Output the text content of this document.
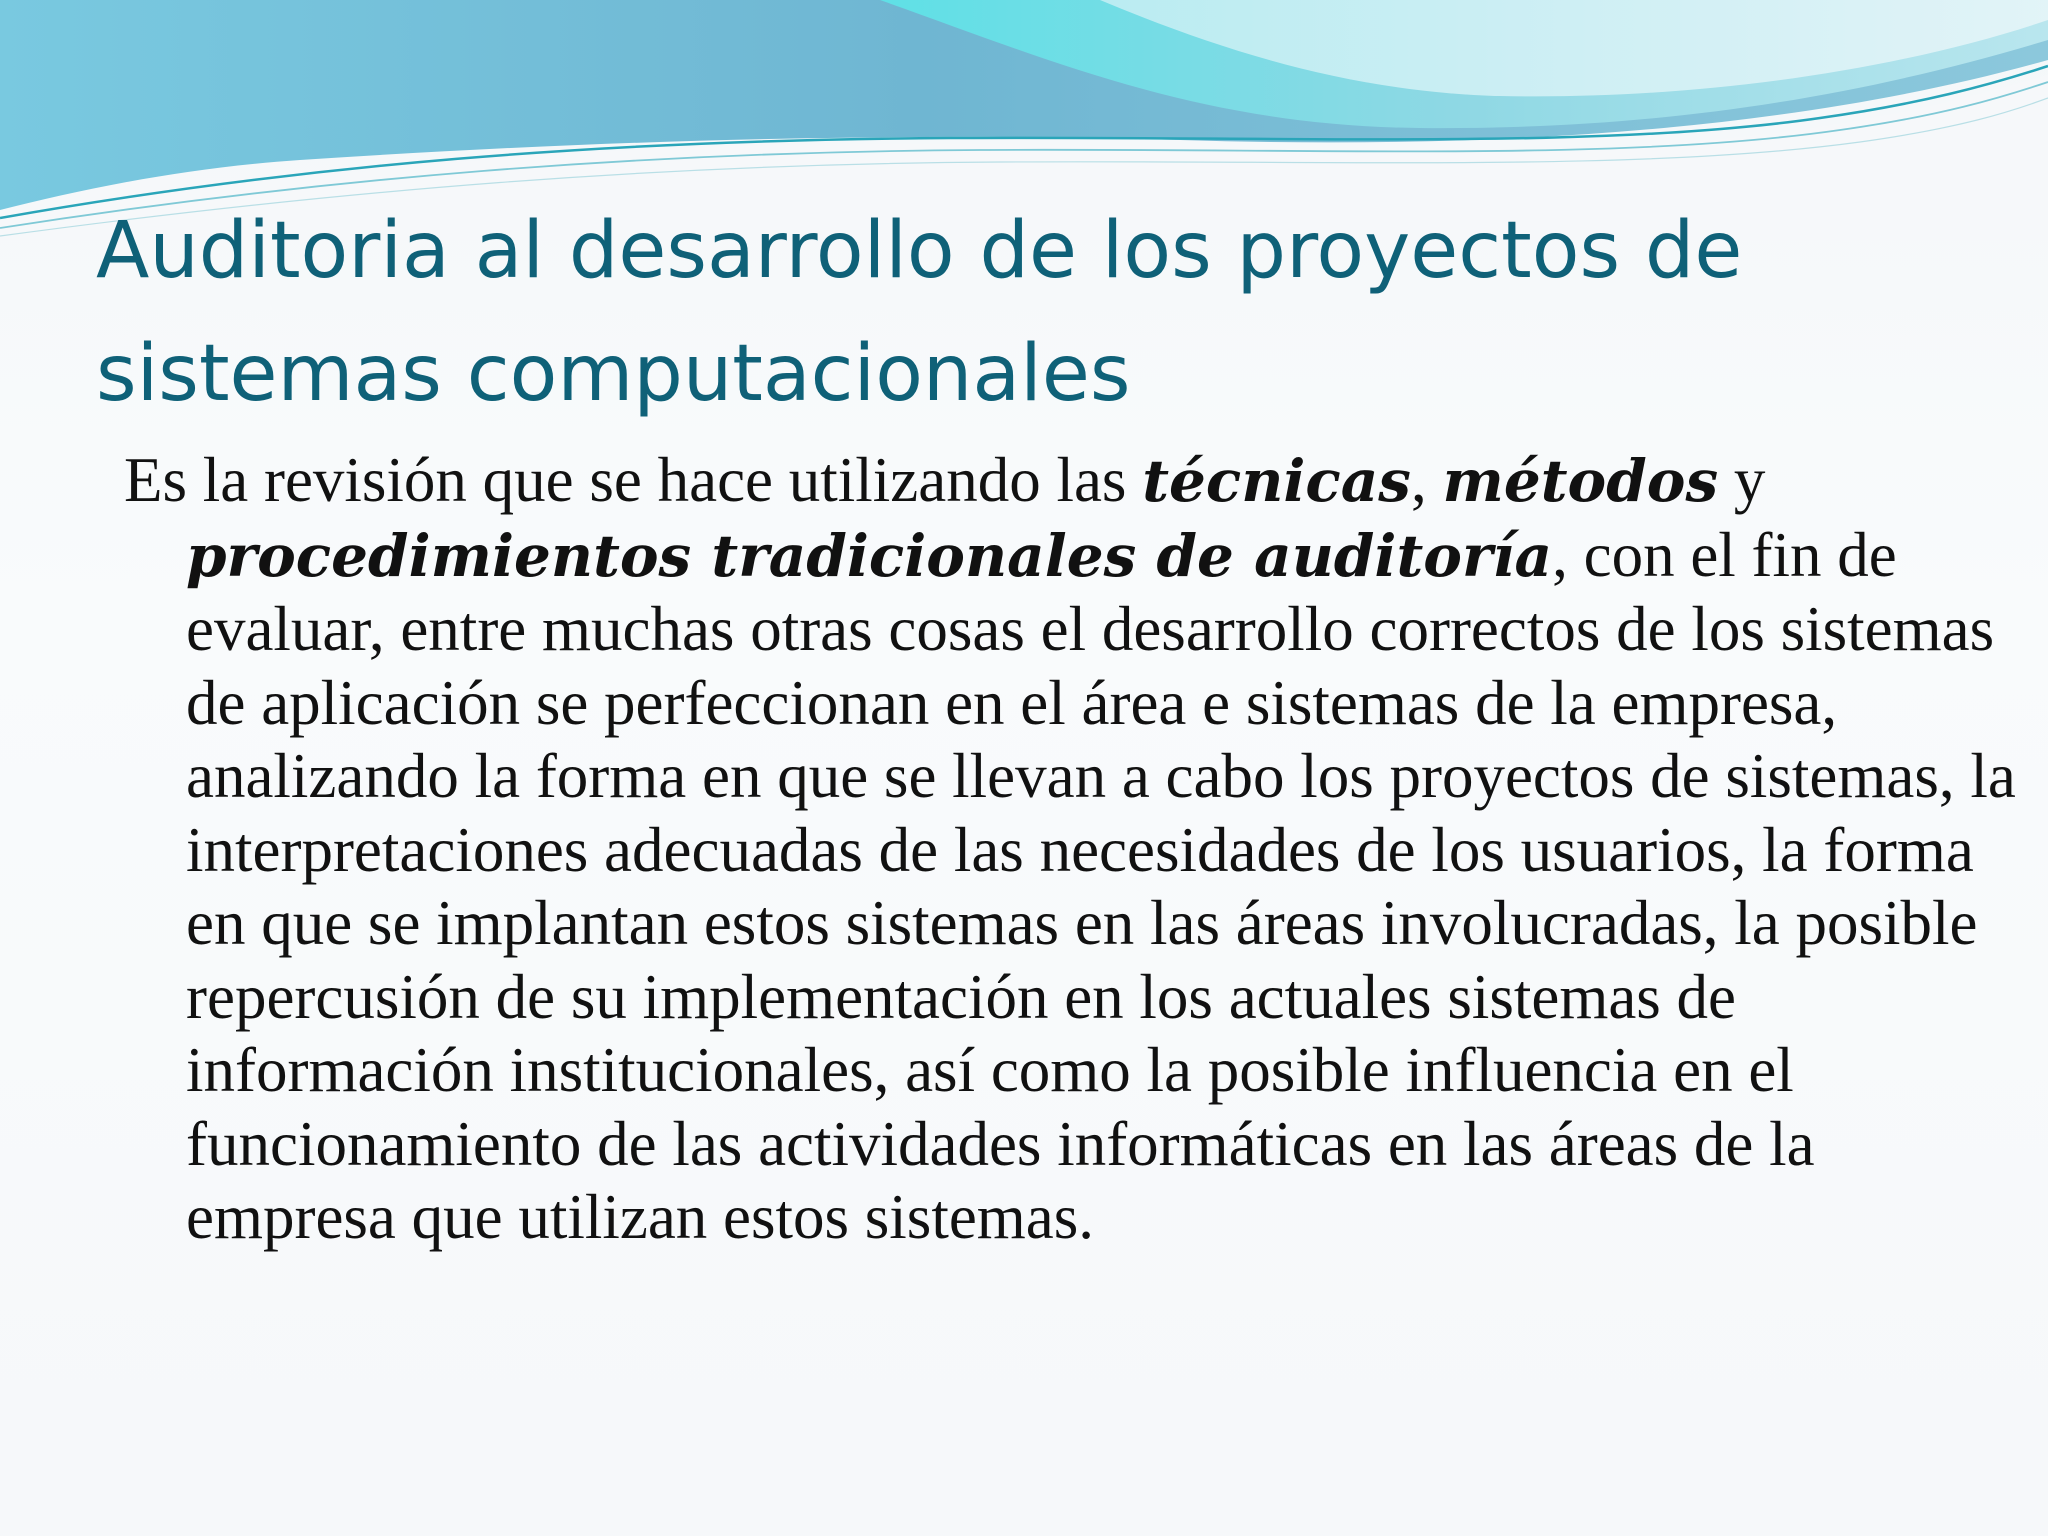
Auditoria al desarrollo de los proyectos de sistemas computacionales

Es la revisión que se hace utilizando las técnicas, métodos y procedimientos tradicionales de auditoría, con el fin de evaluar, entre muchas otras cosas el desarrollo correctos de los sistemas de aplicación se perfeccionan en el área e sistemas de la empresa, analizando la forma en que se llevan a cabo los proyectos de sistemas, la interpretaciones adecuadas de las necesidades de los usuarios, la forma en que se implantan estos sistemas en las áreas involucradas, la posible repercusión de su implementación en los actuales sistemas de información institucionales, así como la posible influencia en el funcionamiento de las actividades informáticas en las áreas de la empresa que utilizan estos sistemas.
